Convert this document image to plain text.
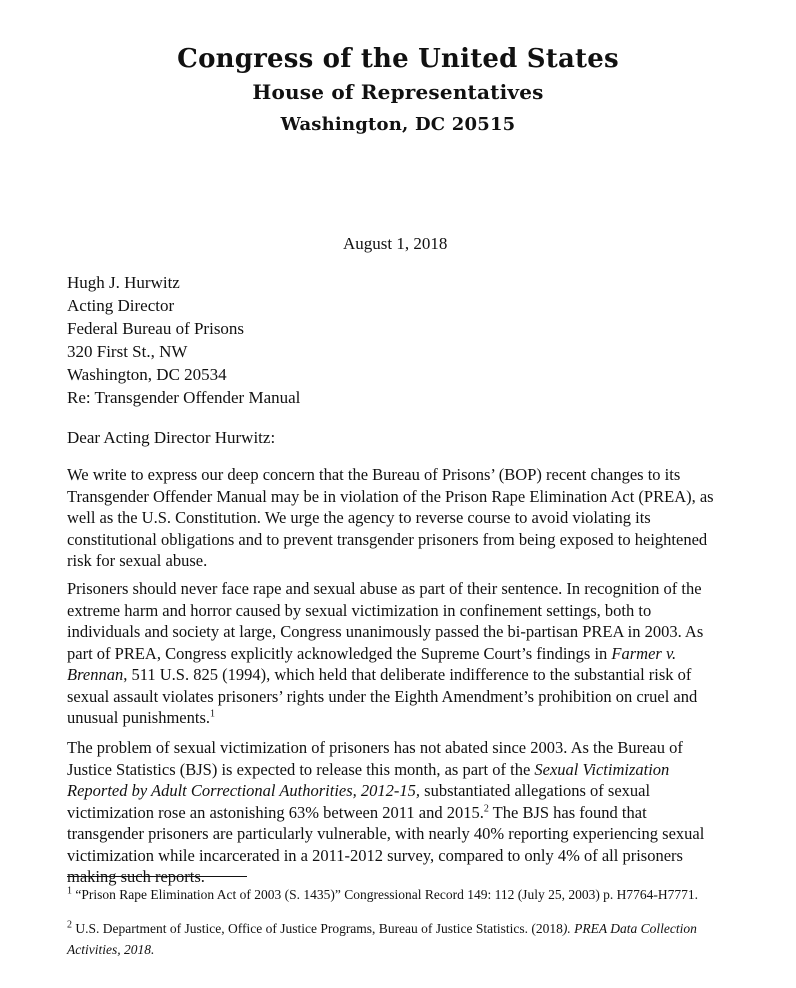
Congress of the United States
House of Representatives
Washington, DC 20515
August 1, 2018
Hugh J. Hurwitz
Acting Director
Federal Bureau of Prisons
320 First St., NW
Washington, DC 20534
Re: Transgender Offender Manual
Dear Acting Director Hurwitz:

We write to express our deep concern that the Bureau of Prisons’ (BOP) recent changes to its Transgender Offender Manual may be in violation of the Prison Rape Elimination Act (PREA), as well as the U.S. Constitution. We urge the agency to reverse course to avoid violating its constitutional obligations and to prevent transgender prisoners from being exposed to heightened risk for sexual abuse.

Prisoners should never face rape and sexual abuse as part of their sentence. In recognition of the extreme harm and horror caused by sexual victimization in confinement settings, both to individuals and society at large, Congress unanimously passed the bi-partisan PREA in 2003. As part of PREA, Congress explicitly acknowledged the Supreme Court’s findings in Farmer v. Brennan, 511 U.S. 825 (1994), which held that deliberate indifference to the substantial risk of sexual assault violates prisoners’ rights under the Eighth Amendment’s prohibition on cruel and unusual punishments.$^1$

The problem of sexual victimization of prisoners has not abated since 2003. As the Bureau of Justice Statistics (BJS) is expected to release this month, as part of the Sexual Victimization Reported by Adult Correctional Authorities, 2012-15, substantiated allegations of sexual victimization rose an astonishing 63% between 2011 and 2015.$^2$ The BJS has found that transgender prisoners are particularly vulnerable, with nearly 40% reporting experiencing sexual victimization while incarcerated in a 2011-2012 survey, compared to only 4% of all prisoners making such reports.

$^1$ “Prison Rape Elimination Act of 2003 (S. 1435)” Congressional Record 149: 112 (July 25, 2003) p. H7764-H7771.

$^2$ U.S. Department of Justice, Office of Justice Programs, Bureau of Justice Statistics. (2018). PREA Data Collection Activities, 2018.
